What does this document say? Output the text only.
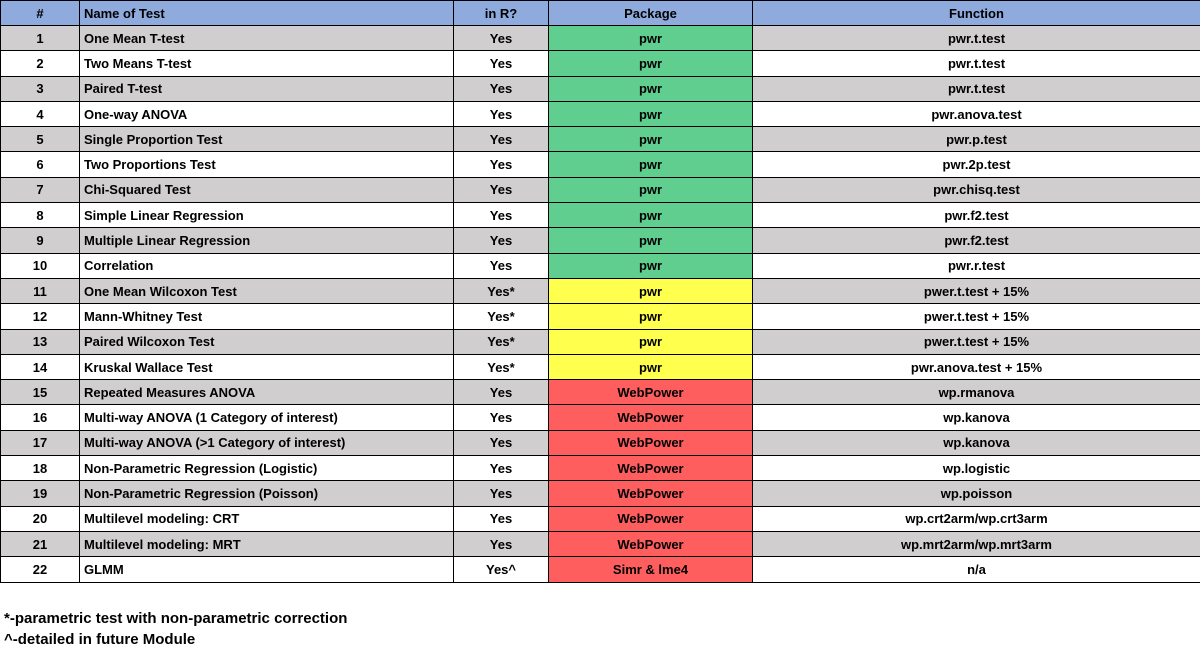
#	Name of Test	in R?	Package	Function
1	One Mean T-test	Yes	pwr	pwr.t.test
2	Two Means T-test	Yes	pwr	pwr.t.test
3	Paired T-test	Yes	pwr	pwr.t.test
4	One-way ANOVA	Yes	pwr	pwr.anova.test
5	Single Proportion Test	Yes	pwr	pwr.p.test
6	Two Proportions Test	Yes	pwr	pwr.2p.test
7	Chi-Squared Test	Yes	pwr	pwr.chisq.test
8	Simple Linear Regression	Yes	pwr	pwr.f2.test
9	Multiple Linear Regression	Yes	pwr	pwr.f2.test
10	Correlation	Yes	pwr	pwr.r.test
11	One Mean Wilcoxon Test	Yes*	pwr	pwer.t.test + 15%
12	Mann-Whitney Test	Yes*	pwr	pwer.t.test + 15%
13	Paired Wilcoxon Test	Yes*	pwr	pwer.t.test + 15%
14	Kruskal Wallace Test	Yes*	pwr	pwr.anova.test + 15%
15	Repeated Measures ANOVA	Yes	WebPower	wp.rmanova
16	Multi-way ANOVA (1 Category of interest)	Yes	WebPower	wp.kanova
17	Multi-way ANOVA (>1 Category of interest)	Yes	WebPower	wp.kanova
18	Non-Parametric Regression (Logistic)	Yes	WebPower	wp.logistic
19	Non-Parametric Regression (Poisson)	Yes	WebPower	wp.poisson
20	Multilevel modeling: CRT	Yes	WebPower	wp.crt2arm/wp.crt3arm
21	Multilevel modeling: MRT	Yes	WebPower	wp.mrt2arm/wp.mrt3arm
22	GLMM	Yes^	Simr & lme4	n/a
*-parametric test with non-parametric correction
^-detailed in future Module
